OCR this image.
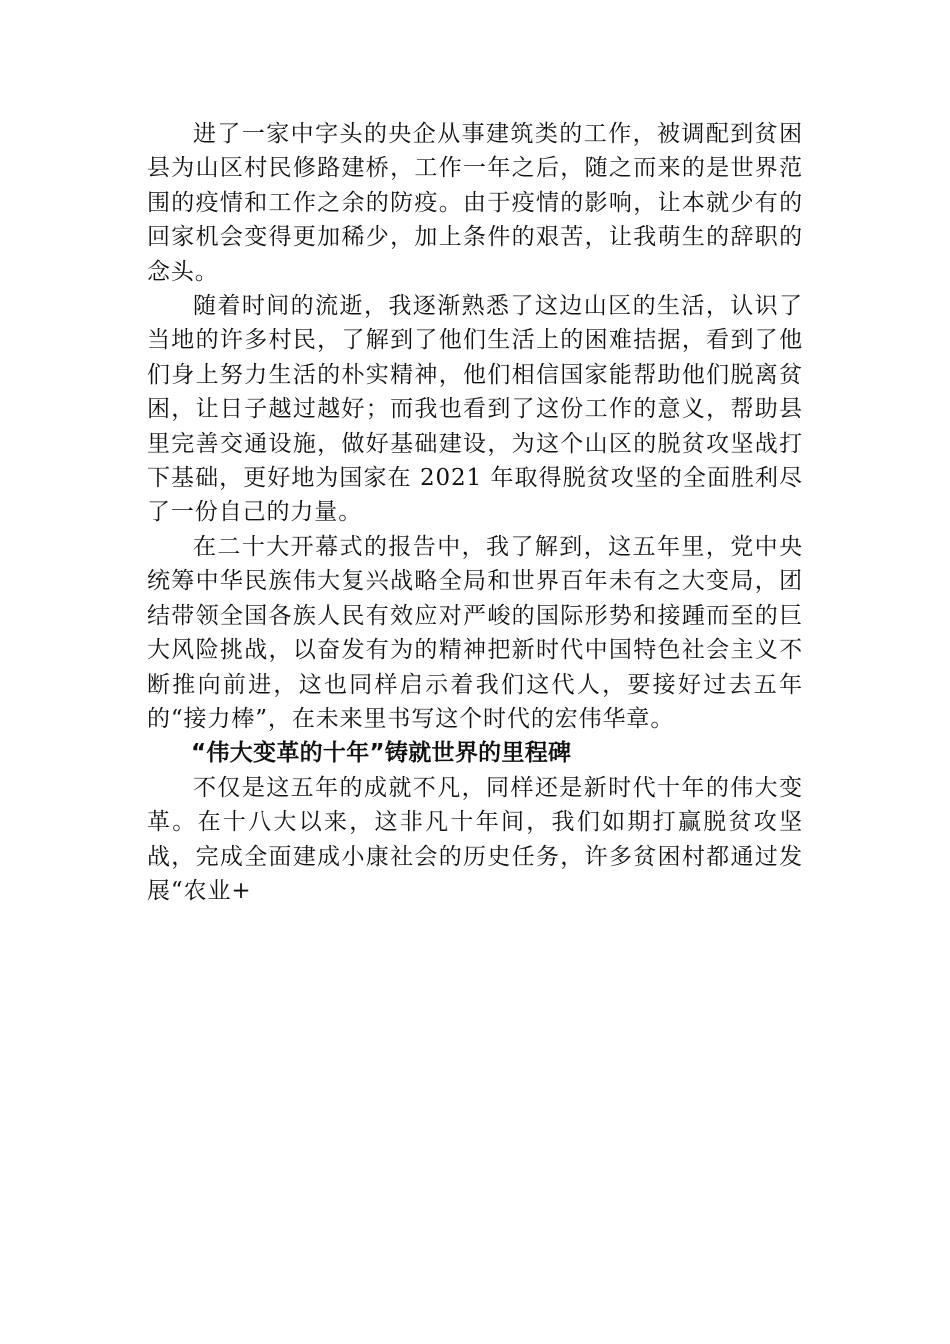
进了一家中字头的央企从事建筑类的工作，被调配到贫困县为山区村民修路建桥，工作一年之后，随之而来的是世界范围的疫情和工作之余的防疫。由于疫情的影响，让本就少有的回家机会变得更加稀少，加上条件的艰苦，让我萌生的辞职的念头。

随着时间的流逝，我逐渐熟悉了这边山区的生活，认识了当地的许多村民，了解到了他们生活上的困难拮据，看到了他们身上努力生活的朴实精神，他们相信国家能帮助他们脱离贫困，让日子越过越好；而我也看到了这份工作的意义，帮助县里完善交通设施，做好基础建设，为这个山区的脱贫攻坚战打下基础，更好地为国家在 2021 年取得脱贫攻坚的全面胜利尽了一份自己的力量。

在二十大开幕式的报告中，我了解到，这五年里，党中央统筹中华民族伟大复兴战略全局和世界百年未有之大变局，团结带领全国各族人民有效应对严峻的国际形势和接踵而至的巨大风险挑战，以奋发有为的精神把新时代中国特色社会主义不断推向前进，这也同样启示着我们这代人，要接好过去五年的“接力棒”，在未来里书写这个时代的宏伟华章。

“伟大变革的十年”铸就世界的里程碑

不仅是这五年的成就不凡，同样还是新时代十年的伟大变革。在十八大以来，这非凡十年间，我们如期打赢脱贫攻坚战，完成全面建成小康社会的历史任务，许多贫困村都通过发展“农业+
